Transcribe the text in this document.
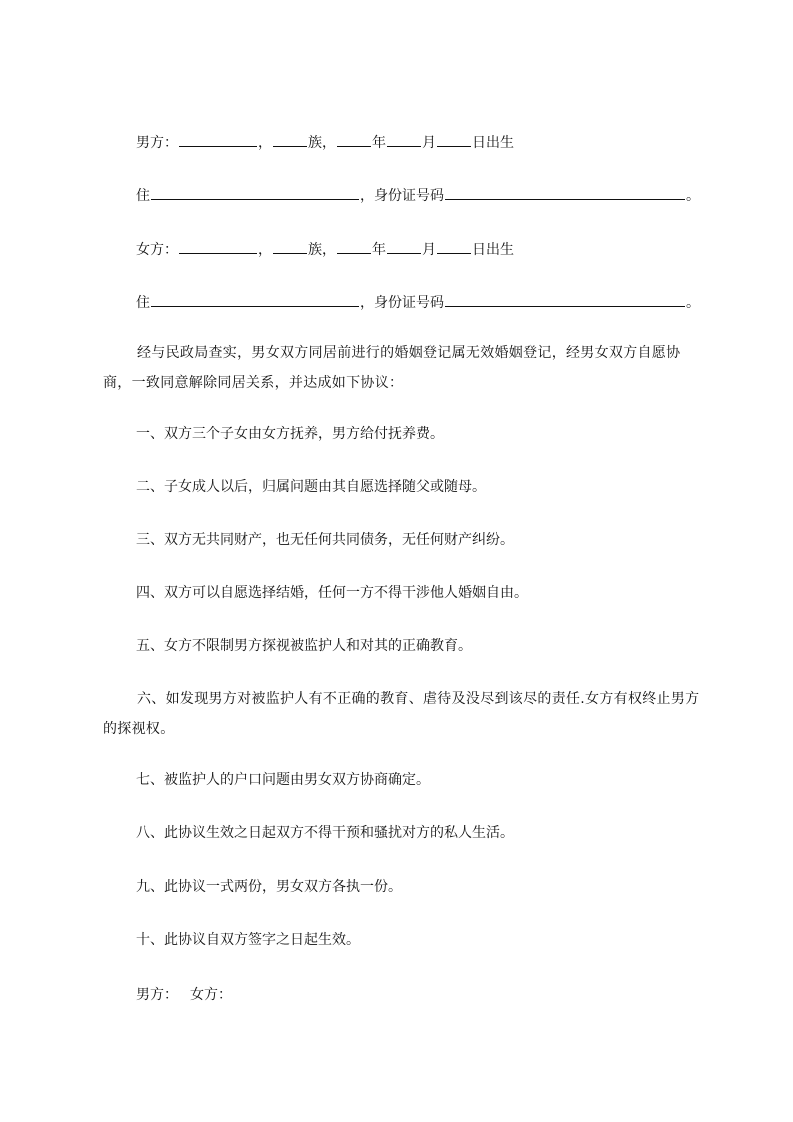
男方：	，	族，	年	月	日出生
住	，身份证号码	。
女方：	，	族，	年	月	日出生
住	，身份证号码	。
经与民政局查实，男女双方同居前进行的婚姻登记属无效婚姻登记，经男女双方自愿协商，一致同意解除同居关系，并达成如下协议：
一、双方三个子女由女方抚养，男方给付抚养费。
二、子女成人以后，归属问题由其自愿选择随父或随母。
三、双方无共同财产，也无任何共同债务，无任何财产纠纷。
四、双方可以自愿选择结婚，任何一方不得干涉他人婚姻自由。
五、女方不限制男方探视被监护人和对其的正确教育。
六、如发现男方对被监护人有不正确的教育、虐待及没尽到该尽的责任.女方有权终止男方的探视权。
七、被监护人的户口问题由男女双方协商确定。
八、此协议生效之日起双方不得干预和骚扰对方的私人生活。
九、此协议一式两份，男女双方各执一份。
十、此协议自双方签字之日起生效。
男方： 女方：
